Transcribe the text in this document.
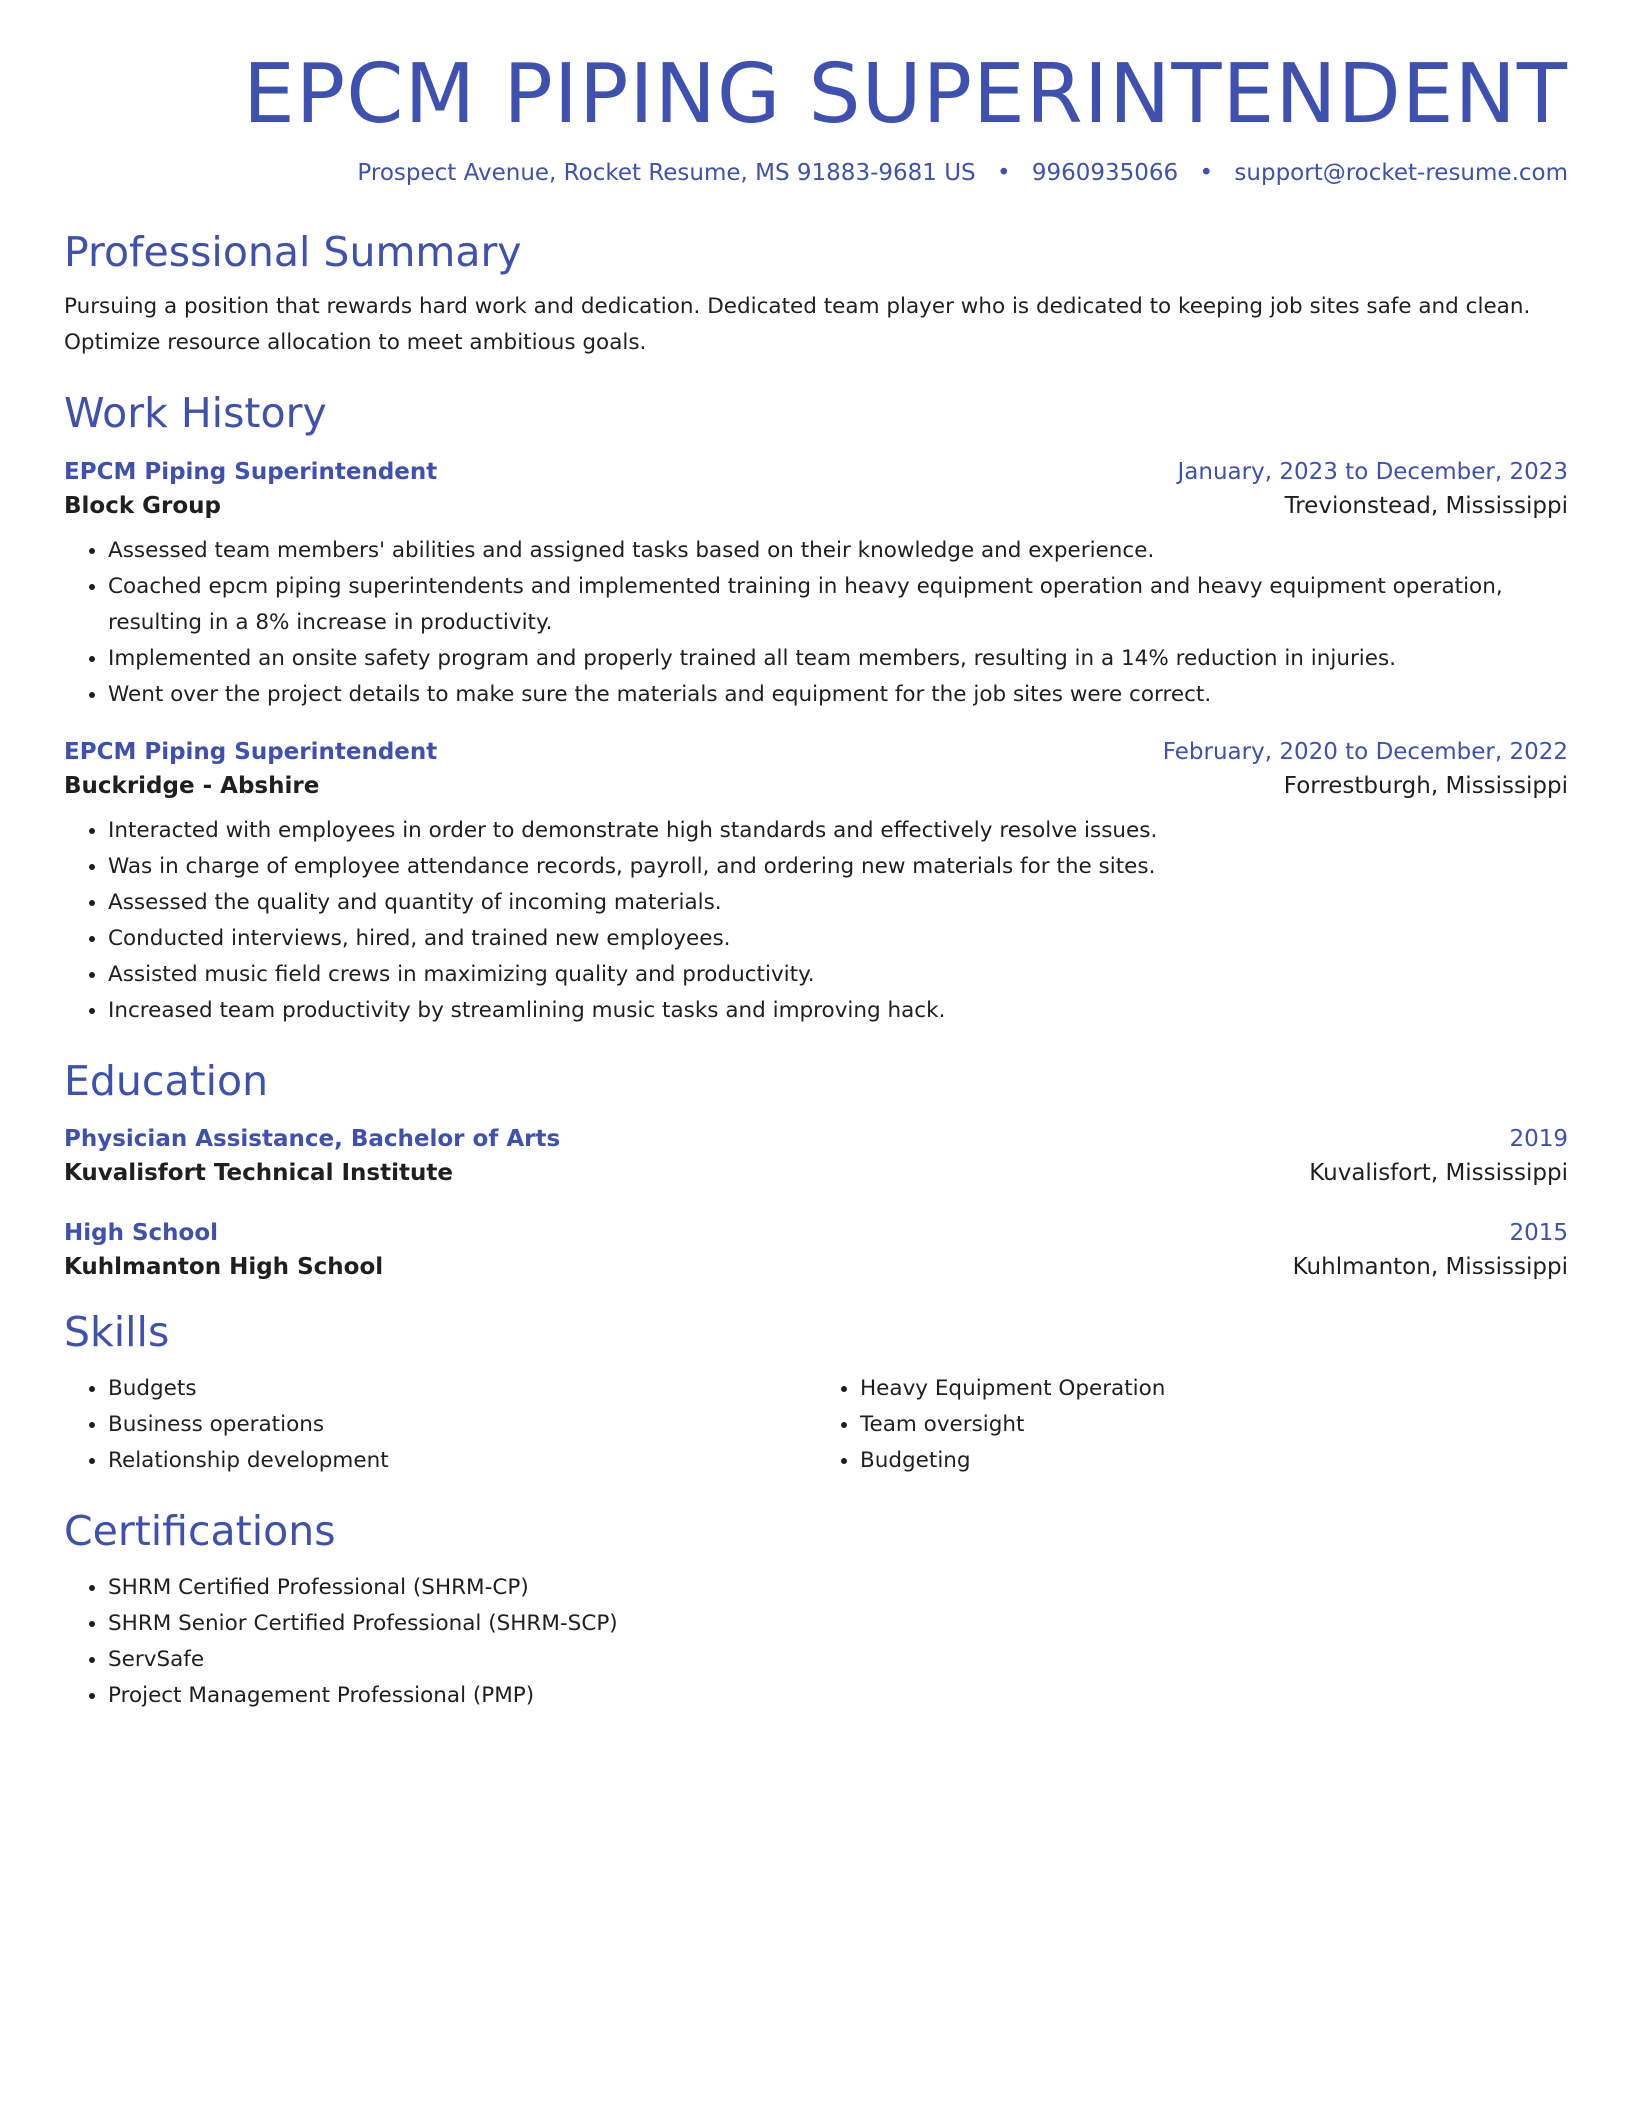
EPCM PIPING SUPERINTENDENT
Prospect Avenue, Rocket Resume, MS 91883-9681 US • 9960935066 • support@rocket-resume.com
Professional Summary
Pursuing a position that rewards hard work and dedication. Dedicated team player who is dedicated to keeping job sites safe and clean. Optimize resource allocation to meet ambitious goals.
Work History
EPCM Piping Superintendent	January, 2023 to December, 2023
Block Group	Trevionstead, Mississippi
• Assessed team members' abilities and assigned tasks based on their knowledge and experience.
• Coached epcm piping superintendents and implemented training in heavy equipment operation and heavy equipment operation, resulting in a 8% increase in productivity.
• Implemented an onsite safety program and properly trained all team members, resulting in a 14% reduction in injuries.
• Went over the project details to make sure the materials and equipment for the job sites were correct.
EPCM Piping Superintendent	February, 2020 to December, 2022
Buckridge - Abshire	Forrestburgh, Mississippi
• Interacted with employees in order to demonstrate high standards and effectively resolve issues.
• Was in charge of employee attendance records, payroll, and ordering new materials for the sites.
• Assessed the quality and quantity of incoming materials.
• Conducted interviews, hired, and trained new employees.
• Assisted music field crews in maximizing quality and productivity.
• Increased team productivity by streamlining music tasks and improving hack.
Education
Physician Assistance, Bachelor of Arts	2019
Kuvalisfort Technical Institute	Kuvalisfort, Mississippi
High School	2015
Kuhlmanton High School	Kuhlmanton, Mississippi
Skills
• Budgets
• Business operations
• Relationship development
• Heavy Equipment Operation
• Team oversight
• Budgeting
Certifications
• SHRM Certified Professional (SHRM-CP)
• SHRM Senior Certified Professional (SHRM-SCP)
• ServSafe
• Project Management Professional (PMP)
